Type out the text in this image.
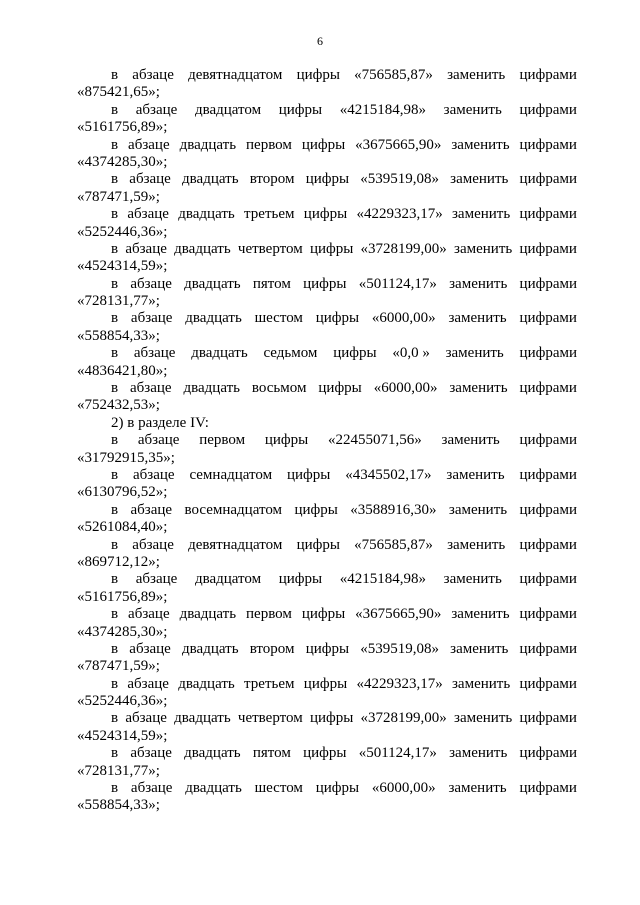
6
в абзаце девятнадцатом цифры «756585,87» заменить цифрами
«875421,65»;
в абзаце двадцатом цифры «4215184,98» заменить цифрами
«5161756,89»;
в абзаце двадцать первом цифры «3675665,90» заменить цифрами
«4374285,30»;
в абзаце двадцать втором цифры «539519,08» заменить цифрами
«787471,59»;
в абзаце двадцать третьем цифры «4229323,17» заменить цифрами
«5252446,36»;
в абзаце двадцать четвертом цифры «3728199,00» заменить цифрами
«4524314,59»;
в абзаце двадцать пятом цифры «501124,17» заменить цифрами
«728131,77»;
в абзаце двадцать шестом цифры «6000,00» заменить цифрами
«558854,33»;
в абзаце двадцать седьмом цифры «0,0 » заменить цифрами
«4836421,80»;
в абзаце двадцать восьмом цифры «6000,00» заменить цифрами
«752432,53»;
2) в разделе IV:
в абзаце первом цифры «22455071,56» заменить цифрами
«31792915,35»;
в абзаце семнадцатом цифры «4345502,17» заменить цифрами
«6130796,52»;
в абзаце восемнадцатом цифры «3588916,30» заменить цифрами
«5261084,40»;
в абзаце девятнадцатом цифры «756585,87» заменить цифрами
«869712,12»;
в абзаце двадцатом цифры «4215184,98» заменить цифрами
«5161756,89»;
в абзаце двадцать первом цифры «3675665,90» заменить цифрами
«4374285,30»;
в абзаце двадцать втором цифры «539519,08» заменить цифрами
«787471,59»;
в абзаце двадцать третьем цифры «4229323,17» заменить цифрами
«5252446,36»;
в абзаце двадцать четвертом цифры «3728199,00» заменить цифрами
«4524314,59»;
в абзаце двадцать пятом цифры «501124,17» заменить цифрами
«728131,77»;
в абзаце двадцать шестом цифры «6000,00» заменить цифрами
«558854,33»;
